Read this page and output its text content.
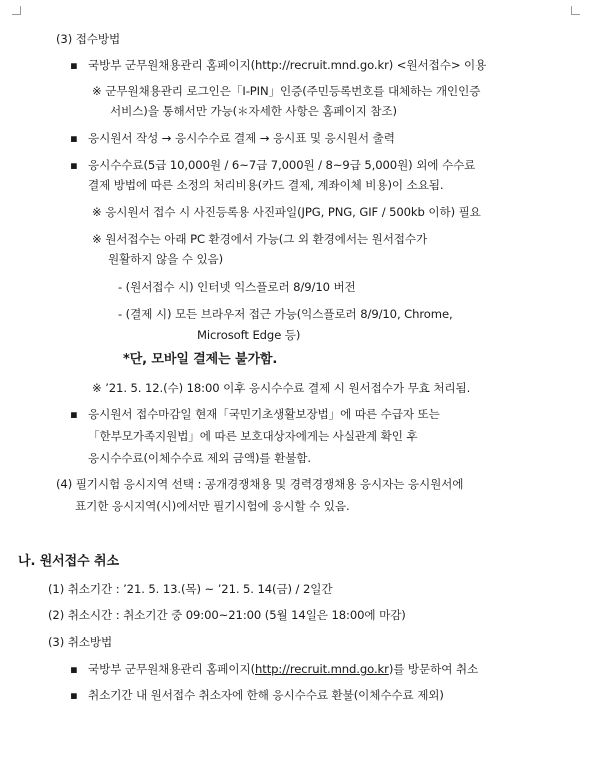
(3) 접수방법
▪ 국방부 군무원채용관리 홈페이지(http://recruit.mnd.go.kr) <원서접수> 이용
※ 군무원채용관리 로그인은「I-PIN」인증(주민등록번호를 대체하는 개인인증
서비스)을 통해서만 가능(＊자세한 사항은 홈페이지 참조)
▪ 응시원서 작성 → 응시수수료 결제 → 응시표 및 응시원서 출력
▪ 응시수수료(5급 10,000원 / 6~7급 7,000원 / 8~9급 5,000원) 외에 수수료
결제 방법에 따른 소정의 처리비용(카드 결제, 계좌이체 비용)이 소요됨.
※ 응시원서 접수 시 사진등록용 사진파일(JPG, PNG, GIF / 500kb 이하) 필요
※ 원서접수는 아래 PC 환경에서 가능(그 외 환경에서는 원서접수가
원활하지 않을 수 있음)
- (원서접수 시) 인터넷 익스플로러 8/9/10 버전
- (결제 시) 모든 브라우저 접근 가능(익스플로러 8/9/10, Chrome,
Microsoft Edge 등)
*단, 모바일 결제는 불가함.
※ ’21. 5. 12.(수) 18:00 이후 응시수수료 결제 시 원서접수가 무효 처리됨.
▪ 응시원서 접수마감일 현재「국민기초생활보장법」에 따른 수급자 또는
「한부모가족지원법」에 따른 보호대상자에게는 사실관계 확인 후
응시수수료(이체수수료 제외 금액)를 환불함.
(4) 필기시험 응시지역 선택 : 공개경쟁채용 및 경력경쟁채용 응시자는 응시원서에
표기한 응시지역(시)에서만 필기시험에 응시할 수 있음.
나. 원서접수 취소
(1) 취소기간 : ’21. 5. 13.(목) ~ ’21. 5. 14(금) / 2일간
(2) 취소시간 : 취소기간 중 09:00~21:00 (5월 14일은 18:00에 마감)
(3) 취소방법
▪ 국방부 군무원채용관리 홈페이지(http://recruit.mnd.go.kr)를 방문하여 취소
▪ 취소기간 내 원서접수 취소자에 한해 응시수수료 환불(이체수수료 제외)
